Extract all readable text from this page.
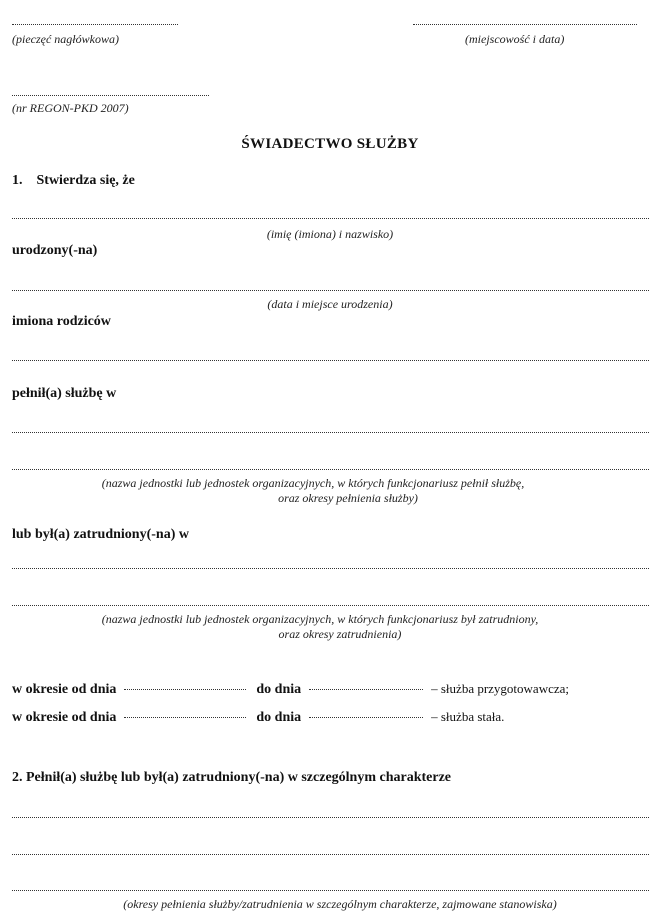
(pieczęć nagłówkowa)	(miejscowość i data)
(nr REGON-PKD 2007)
ŚWIADECTWO SŁUŻBY
1.    Stwierdza się, że
(imię (imiona) i nazwisko)
urodzony(-na)
(data i miejsce urodzenia)
imiona rodziców
pełnił(a) służbę w
(nazwa jednostki lub jednostek organizacyjnych, w których funkcjonariusz pełnił służbę,
oraz okresy pełnienia służby)
lub był(a) zatrudniony(-na) w
(nazwa jednostki lub jednostek organizacyjnych, w których funkcjonariusz był zatrudniony,
oraz okresy zatrudnienia)
w okresie od dnia	do dnia	– służba przygotowawcza;
w okresie od dnia	do dnia	– służba stała.
2. Pełnił(a) służbę lub był(a) zatrudniony(-na) w szczególnym charakterze
(okresy pełnienia służby/zatrudnienia w szczególnym charakterze, zajmowane stanowiska)
